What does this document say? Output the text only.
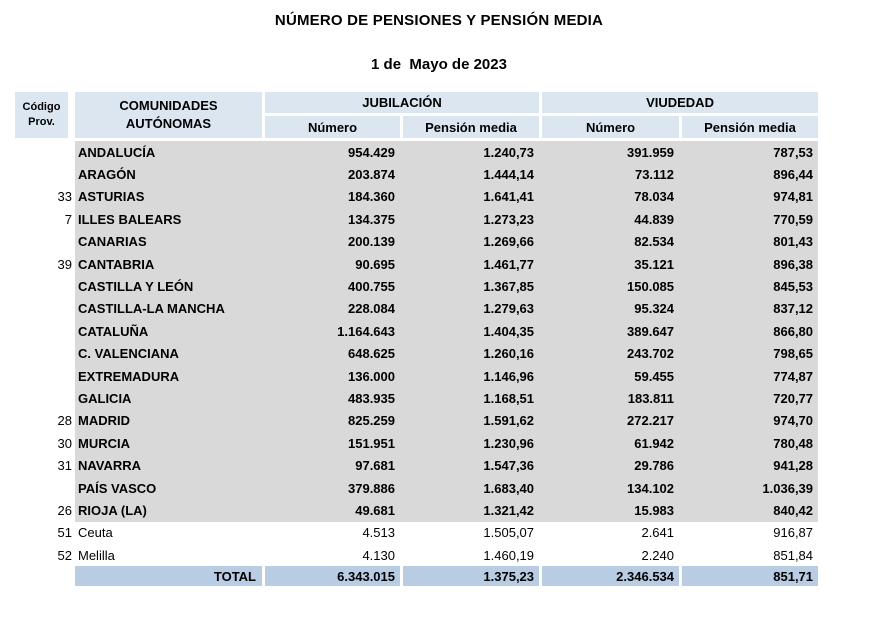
NÚMERO DE PENSIONES Y PENSIÓN MEDIA
1 de  Mayo de 2023
Código Prov.		COMUNIDADES AUTÓNOMAS	JUBILACIÓN		VIUDEDAD	
			Número	Pensión media	Número	Pensión media
		ANDALUCÍA	954.429	1.240,73	391.959	787,53
		ARAGÓN	203.874	1.444,14	73.112	896,44
33		ASTURIAS	184.360	1.641,41	78.034	974,81
7		ILLES BALEARS	134.375	1.273,23	44.839	770,59
		CANARIAS	200.139	1.269,66	82.534	801,43
39		CANTABRIA	90.695	1.461,77	35.121	896,38
		CASTILLA Y LEÓN	400.755	1.367,85	150.085	845,53
		CASTILLA-LA MANCHA	228.084	1.279,63	95.324	837,12
		CATALUÑA	1.164.643	1.404,35	389.647	866,80
		C. VALENCIANA	648.625	1.260,16	243.702	798,65
		EXTREMADURA	136.000	1.146,96	59.455	774,87
		GALICIA	483.935	1.168,51	183.811	720,77
28		MADRID	825.259	1.591,62	272.217	974,70
30		MURCIA	151.951	1.230,96	61.942	780,48
31		NAVARRA	97.681	1.547,36	29.786	941,28
		PAÍS VASCO	379.886	1.683,40	134.102	1.036,39
26		RIOJA (LA)	49.681	1.321,42	15.983	840,42
51		Ceuta	4.513	1.505,07	2.641	916,87
52		Melilla	4.130	1.460,19	2.240	851,84
		TOTAL	6.343.015	1.375,23	2.346.534	851,71
